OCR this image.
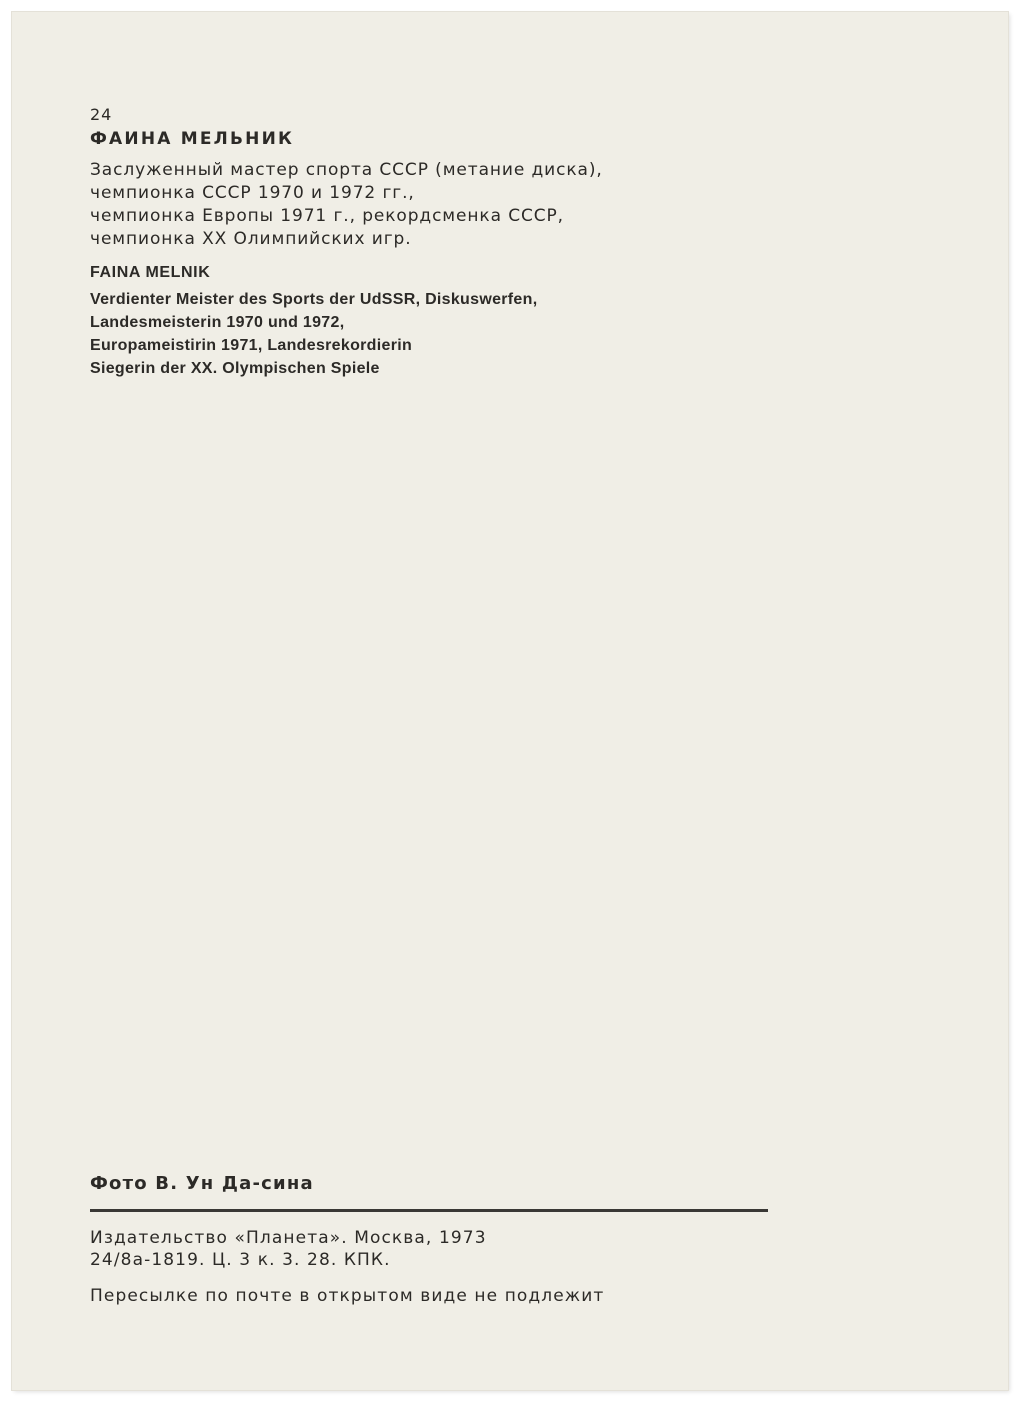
24

ФАИНА МЕЛЬНИК

Заслуженный мастер спорта СССР (метание диска),
чемпионка СССР 1970 и 1972 гг.,
чемпионка Европы 1971 г., рекордсменка СССР,
чемпионка XX Олимпийских игр.

FAINA MELNIK

Verdienter Meister des Sports der UdSSR, Diskuswerfen,
Landesmeisterin 1970 und 1972,
Europameistirin 1971, Landesrekordierin
Siegerin der XX. Olympischen Spiele

Фото В. Ун Да-сина

Издательство «Планета». Москва, 1973
24/8а-1819. Ц. 3 к. 3. 28. КПК.

Пересылке по почте в открытом виде не подлежит
